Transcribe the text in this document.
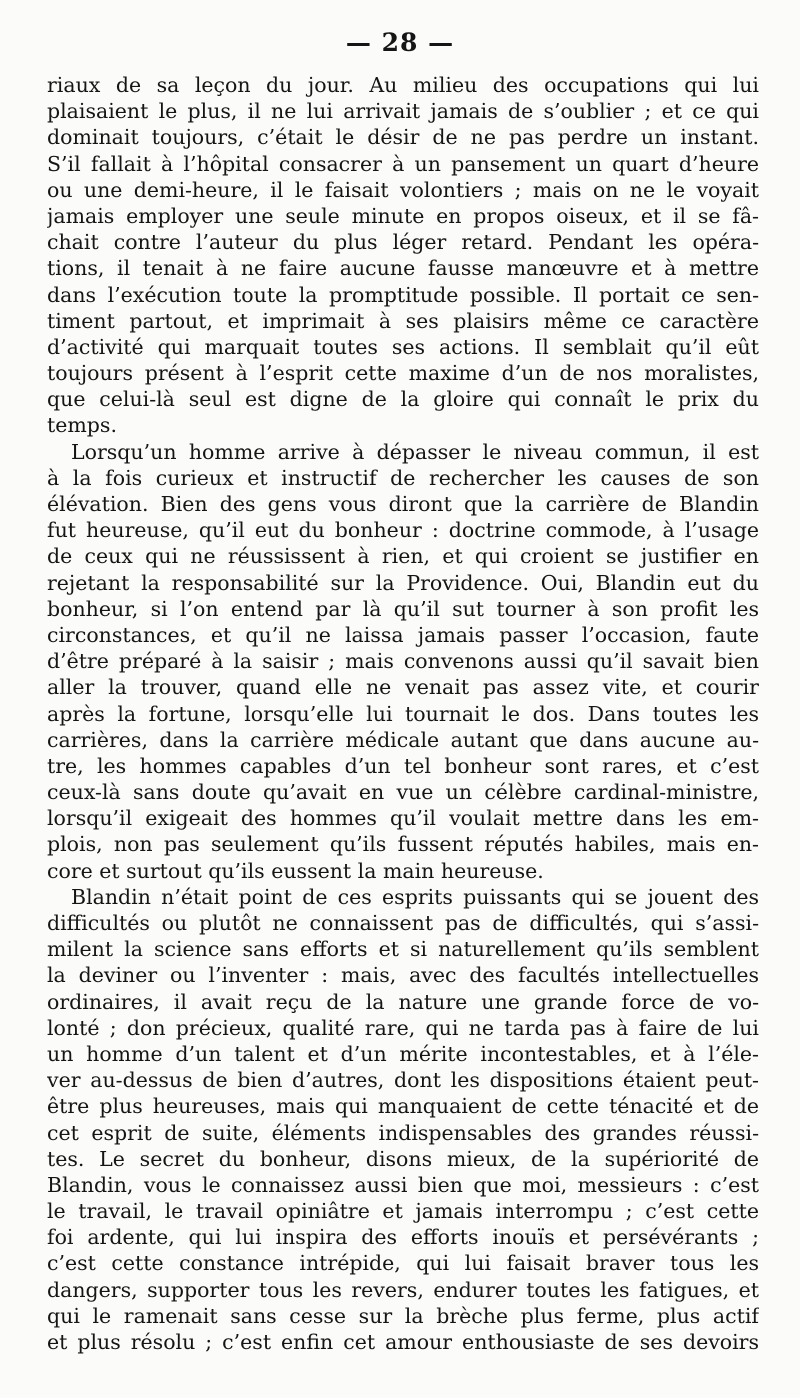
— 28 —
riaux de sa leçon du jour. Au milieu des occupations qui lui
plaisaient le plus, il ne lui arrivait jamais de s’oublier ; et ce qui
dominait toujours, c’était le désir de ne pas perdre un instant.
S’il fallait à l’hôpital consacrer à un pansement un quart d’heure
ou une demi-heure, il le faisait volontiers ; mais on ne le voyait
jamais employer une seule minute en propos oiseux, et il se fâ-
chait contre l’auteur du plus léger retard. Pendant les opéra-
tions, il tenait à ne faire aucune fausse manœuvre et à mettre
dans l’exécution toute la promptitude possible. Il portait ce sen-
timent partout, et imprimait à ses plaisirs même ce caractère
d’activité qui marquait toutes ses actions. Il semblait qu’il eût
toujours présent à l’esprit cette maxime d’un de nos moralistes,
que celui-là seul est digne de la gloire qui connaît le prix du
temps.
Lorsqu’un homme arrive à dépasser le niveau commun, il est
à la fois curieux et instructif de rechercher les causes de son
élévation. Bien des gens vous diront que la carrière de Blandin
fut heureuse, qu’il eut du bonheur : doctrine commode, à l’usage
de ceux qui ne réussissent à rien, et qui croient se justifier en
rejetant la responsabilité sur la Providence. Oui, Blandin eut du
bonheur, si l’on entend par là qu’il sut tourner à son profit les
circonstances, et qu’il ne laissa jamais passer l’occasion, faute
d’être préparé à la saisir ; mais convenons aussi qu’il savait bien
aller la trouver, quand elle ne venait pas assez vite, et courir
après la fortune, lorsqu’elle lui tournait le dos. Dans toutes les
carrières, dans la carrière médicale autant que dans aucune au-
tre, les hommes capables d’un tel bonheur sont rares, et c’est
ceux-là sans doute qu’avait en vue un célèbre cardinal-ministre,
lorsqu’il exigeait des hommes qu’il voulait mettre dans les em-
plois, non pas seulement qu’ils fussent réputés habiles, mais en-
core et surtout qu’ils eussent la main heureuse.
Blandin n’était point de ces esprits puissants qui se jouent des
difficultés ou plutôt ne connaissent pas de difficultés, qui s’assi-
milent la science sans efforts et si naturellement qu’ils semblent
la deviner ou l’inventer : mais, avec des facultés intellectuelles
ordinaires, il avait reçu de la nature une grande force de vo-
lonté ; don précieux, qualité rare, qui ne tarda pas à faire de lui
un homme d’un talent et d’un mérite incontestables, et à l’éle-
ver au-dessus de bien d’autres, dont les dispositions étaient peut-
être plus heureuses, mais qui manquaient de cette ténacité et de
cet esprit de suite, éléments indispensables des grandes réussi-
tes. Le secret du bonheur, disons mieux, de la supériorité de
Blandin, vous le connaissez aussi bien que moi, messieurs : c’est
le travail, le travail opiniâtre et jamais interrompu ; c’est cette
foi ardente, qui lui inspira des efforts inouïs et persévérants ;
c’est cette constance intrépide, qui lui faisait braver tous les
dangers, supporter tous les revers, endurer toutes les fatigues, et
qui le ramenait sans cesse sur la brèche plus ferme, plus actif
et plus résolu ; c’est enfin cet amour enthousiaste de ses devoirs
